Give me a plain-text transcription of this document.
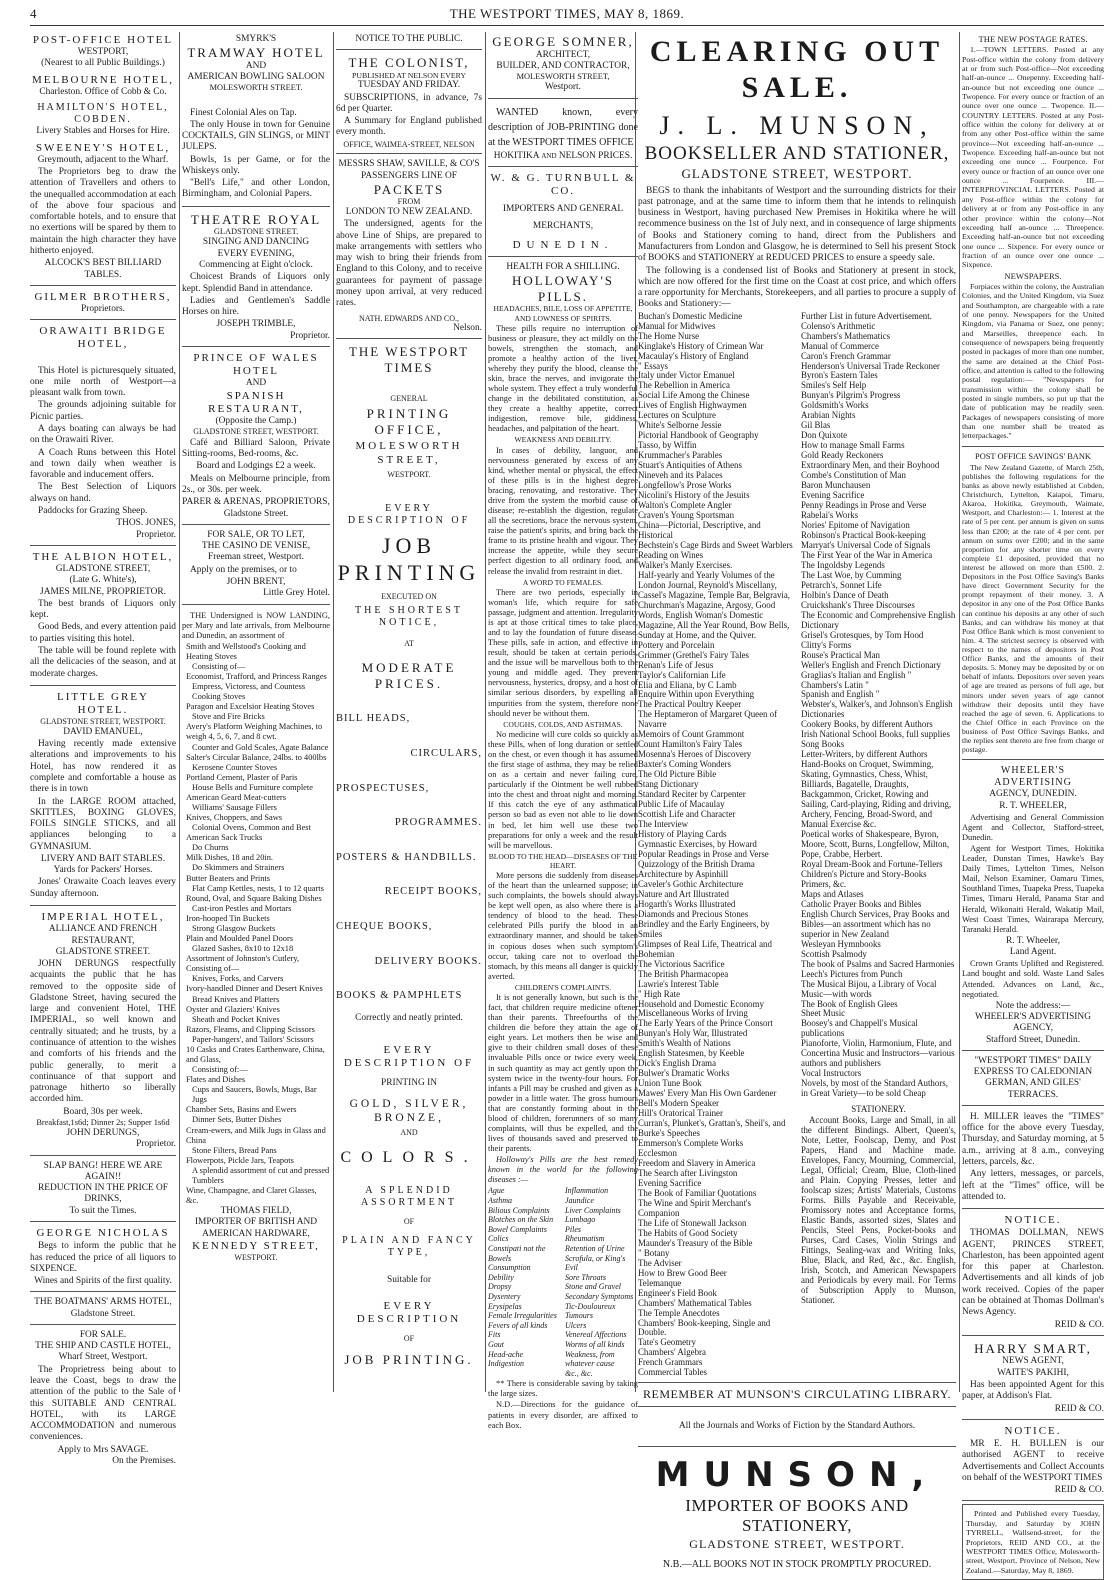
4	THE WESTPORT TIMES, MAY 8, 1869.
POST-OFFICE HOTEL
WESTPORT,
(Nearest to all Public Buildings.)
MELBOURNE HOTEL,
Charleston. Office of Cobb & Co.
HAMILTON'S HOTEL, COBDEN.
Livery Stables and Horses for Hire.
SWEENEY'S HOTEL,
Greymouth, adjacent to the Wharf.
The Proprietors beg to draw the attention of Travellers and others to the unequalled accommodation at each of the above four spacious and comfortable hotels, and to ensure that no exertions will be spared by them to maintain the high character they have hitherto enjoyed.
ALCOCK'S BEST BILLIARD TABLES.
GILMER BROTHERS,
Proprietors.
ORAWAITI BRIDGE HOTEL,
This Hotel is picturesquely situated, one mile north of Westport—a pleasant walk from town.
The grounds adjoining suitable for Picnic parties.
A days boating can always be had on the Orawaiti River.
A Coach Runs between this Hotel and town daily when weather is favorable and inducement offers.
The Best Selection of Liquors always on hand.
Paddocks for Grazing Sheep.
THOS. JONES,
Proprietor.
THE ALBION HOTEL,
GLADSTONE STREET,
(Late G. White's),
JAMES MILNE, PROPRIETOR.
The best brands of Liquors only kept.
Good Beds, and every attention paid to parties visiting this hotel.
The table will be found replete with all the delicacies of the season, and at moderate charges.
LITTLE GREY HOTEL.
GLADSTONE STREET, WESTPORT.
DAVID EMANUEL,
Having recently made extensive alterations and improvements to his Hotel, has now rendered it as complete and comfortable a house as there is in town
In the LARGE ROOM attached, SKITTLES, BOXING GLOVES, FOILS SINGLE STICKS, and all appliances belonging to a GYMNASIUM.
LIVERY AND BAIT STABLES.
Yards for Packers' Horses.
Jones' Orawaite Coach leaves every Sunday afternoon.
IMPERIAL HOTEL,
ALLIANCE AND FRENCH
RESTAURANT,
GLADSTONE STREET.
JOHN DERUNGS respectfully acquaints the public that he has removed to the opposite side of Gladstone Street, having secured the large and convenient Hotel, THE IMPERIAL, so well known and centrally situated; and he trusts, by a continuance of attention to the wishes and comforts of his friends and the public generally, to merit a continuance of that support and patronage hitherto so liberally accorded him.
Board, 30s per week.
Breakfast,1s6d; Dinner 2s; Supper 1s6d
JOHN DERUNGS,
Proprietor.
SLAP BANG! HERE WE ARE
AGAIN!!
REDUCTION IN THE PRICE OF
DRINKS,
To suit the Times.
GEORGE NICHOLAS
Begs to inform the public that he has reduced the price of all liquors to SIXPENCE.
Wines and Spirits of the first quality.
THE BOATMANS' ARMS HOTEL,
Gladstone Street.
FOR SALE.
THE SHIP AND CASTLE HOTEL,
Wharf Street, Westport.
The Proprietress being about to leave the Coast, begs to draw the attention of the public to the Sale of this SUITABLE AND CENTRAL HOTEL, with its LARGE ACCOMMODATION and numerous conveniences.
Apply to Mrs SAVAGE.
On the Premises.
SMYRK'S
TRAMWAY HOTEL
AND
AMERICAN BOWLING SALOON
MOLESWORTH STREET.
Finest Colonial Ales on Tap.
The only House in town for Genuine COCKTAILS, GIN SLINGS, or MINT JULEPS.
Bowls, 1s per Game, or for the Whiskeys only.
"Bell's Life," and other London, Birmingham, and Colonial Papers.
THEATRE ROYAL
GLADSTONE STREET.
SINGING AND DANCING
EVERY EVENING,
Commencing at Eight o'clock.
Choicest Brands of Liquors only kept. Splendid Band in attendance.
Ladies and Gentlemen's Saddle Horses on hire.
JOSEPH TRIMBLE,
Proprietor.
PRINCE OF WALES HOTEL
AND
SPANISH RESTAURANT,
(Opposite the Camp.)
GLADSTONE STREET, WESTPORT.
Café and Billiard Saloon, Private Sitting-rooms, Bed-rooms, &c.
Board and Lodgings £2 a week.
Meals on Melbourne principle, from 2s., or 30s. per week.
PARER & ARENAS, PROPRIETORS,
Gladstone Street.
FOR SALE, OR TO LET,
THE CASINO DE VENISE,
Freeman street, Westport.
Apply on the premises, or to
JOHN BRENT,
Little Grey Hotel.
THE Undersigned is NOW LANDING, per Mary and late arrivals, from Melbourne and Dunedin, an assortment of
Smith and Wellstood's Cooking and Heating Stoves
Consisting of—
Economist, Trafford, and Princess Ranges
Empress, Victoress, and Countess Cooking Stoves
Paragon and Excelsior Heating Stoves
Stove and Fire Bricks
Avery's Platform Weighing Machines, to weigh 4, 5, 6, 7, and 8 cwt.
Counter and Gold Scales, Agate Balance
Salter's Circular Balance, 24lbs. to 400lbs
Kerosene Counter Stoves
Portland Cement, Plaster of Paris
House Bells and Furniture complete
American Geard Meat-cutters
Williams' Sausage Fillers
Knives, Choppers, and Saws
Colonial Ovens, Common and Best
American Sack Trucks
Do Churns
Milk Dishes, 18 and 20in.
Do Skimmers and Strainers
Butter Beaters and Prints
Flat Camp Kettles, nests, 1 to 12 quarts
Round, Oval, and Square Baking Dishes
Cast-iron Pestles and Mortars
Iron-hooped Tin Buckets
Strong Glasgow Buckets
Plain and Moulded Panel Doors
Glazed Sashes, 8x10 to 12x18
Assortment of Johnston's Cutlery, Consisting of—
Knives, Forks, and Carvers
Ivory-handled Dinner and Desert Knives
Bread Knives and Platters
Oyster and Glaziers' Knives
Sheath and Pocket Knives
Razors, Fleams, and Clipping Scissors
Paper-hangers', and Tailors' Scissors
10 Casks and Crates Earthenware, China, and Glass,
Consisting of:—
Flates and Dishes
Cups and Saucers, Bowls, Mugs, Bar Jugs
Chamber Sets, Basins and Ewers
Dinner Sets, Butter Dishes
Cream-ewers, and Milk Jugs in Glass and China
Stone Filters, Bread Pans
Flowerpots, Pickle Jars, Teapots
A splendid assortment of cut and pressed Tumblers
Wine, Champagne, and Claret Glasses, &c.
THOMAS FIELD,
IMPORTER OF BRITISH AND
AMERICAN HARDWARE,
KENNEDY STREET,
WESTPORT.
NOTICE TO THE PUBLIC.
THE COLONIST,
PUBLISHED AT NELSON EVERY
TUESDAY AND FRIDAY.
SUBSCRIPTIONS, in advance, 7s 6d per Quarter.
A Summary for England published every month.
OFFICE, WAIMEA-STREET, NELSON
MESSRS SHAW, SAVILLE, & CO'S PASSENGERS LINE OF
PACKETS
FROM
LONDON TO NEW ZEALAND.
The undersigned, agents for the above Line of Ships, are prepared to make arrangements with settlers who may wish to bring their friends from England to this Colony, and to receive guarantees for payment of passage money upon arrival, at very reduced rates.
NATH. EDWARDS AND CO.,
Nelson.
THE WESTPORT TIMES
GENERAL
PRINTING OFFICE,
MOLESWORTH STREET,
WESTPORT.
EVERY DESCRIPTION OF
JOB PRINTING
EXECUTED ON
THE SHORTEST NOTICE,
AT
MODERATE PRICES.
BILL HEADS,
CIRCULARS,
PROSPECTUSES,
PROGRAMMES.
POSTERS & HANDBILLS.
RECEIPT BOOKS,
CHEQUE BOOKS,
DELIVERY BOOKS.
BOOKS & PAMPHLETS
Correctly and neatly printed.
EVERY DESCRIPTION OF
PRINTING IN
GOLD, SILVER, BRONZE,
AND
COLORS.
A SPLENDID ASSORTMENT
OF
PLAIN AND FANCY TYPE,
Suitable for
EVERY DESCRIPTION
OF
JOB PRINTING.
GEORGE SOMNER,
ARCHITECT,
BUILDER, AND CONTRACTOR,
MOLESWORTH STREET,
Westport.
WANTED known, every description of JOB-PRINTING done at the WESTPORT TIMES OFFICE
HOKITIKA and NELSON PRICES.
W. & G. TURNBULL & CO.
IMPORTERS AND GENERAL
MERCHANTS,
DUNEDIN.
HEALTH FOR A SHILLING.
HOLLOWAY'S PILLS.
HEADACHES, BILE, LOSS OF APPETITE, AND LOWNESS OF SPIRITS.
These pills require no interruption of business or pleasure, they act mildly on the bowels, strengthen the stomach, and promote a healthy action of the liver, whereby they purify the blood, cleanse the skin, brace the nerves, and invigorate the whole system. They effect a truly wonderful change in the debilitated constitution, as they create a healthy appetite, correct indigestion, remove bile, giddiness, headaches, and palpitation of the heart.
WEAKNESS AND DEBILITY.
In cases of debility, languor, and nervousness generated by excess of any kind, whether mental or physical, the effect of these pills is in the highest degree bracing, renovating, and restorative. They drive from the system the morbid cause of disease; re-establish the digestion, regulate all the secretions, brace the nervous system, raise the patient's spirits, and bring back the frame to its pristine health and vigour. They increase the appetite, while they secure perfect digestion to all ordinary food, and release the invalid from restraint in diet.
A WORD TO FEMALES.
There are two periods, especially in woman's life, which require for safe passage, judgment and attention. Irregularity is apt at those critical times to take place, and to lay the foundation of future disease. These pills, safe in action, and effective in result, should be taken at certain periods, and the issue will be marvellous both to the young and middle aged. They prevent nervousness, hysterics, dropsy, and a host of similar serious disorders, by expelling all impurities from the system, therefore none should never be without them.
COUGHS, COLDS, AND ASTHMAS.
No medicine will cure colds so quickly as these Pills, when of long duration or settled on the chest, or even though it has assumed the first stage of asthma, they may be relied on as a certain and never failing cure, particularly if the Ointment be well rubbed into the chest and throat night and morning. If this catch the eye of any asthmatical person so bad as even not able to lie down in bed, let him well use these two preparations for only a week and the result will be marvellous.
BLOOD TO THE HEAD—DISEASES OF THE HEART.
More persons die suddenly from diseases of the heart than the unlearned suppose; in such complaints, the bowels should always be kept well open, as also where there is a tendency of blood to the head. These celebrated Pills purify the blood in an extraordinary manner, and should be taken in copious doses when such symptom's occur, taking care not to overload the stomach, by this means all danger is quickly averted.
CHILDREN'S COMPLAINTS.
It is not generally known, but such is the fact, that children require medicine oftener than their parents. Threefourths of the children die before they attain the age of eight years. Let mothers then be wise and give to their children small doses of these invaluable Pills once or twice every week, in such quantity as may act gently upon the system twice in the twenty-four hours. For infants a Pill may be crushed and given as a powder in a little water. The gross humours that are constantly forming about in the blood of children, forerunners of so many complaints, will thus be expelled, and the lives of thousands saved and preserved to their parents.
Holloway's Pills are the best remedy known in the world for the following diseases :—
Ague
Asthma
Bilious Complaints
Blotches on the Skin
Bowel Complaints
Colics
Constipati not the Bowels
Consumption
Debility
Dropsy
Dysentery
Erysipelas
Female Irregularities
Fevers of all kinds
Fits
Gout
Head-ache
Indigestion
Inflammation
Jaundice
Liver Complaints
Lumbago
Piles
Rheumatism
Retention of Urine
Scrofula, or King's Evil
Sore Throats
Stone and Gravel
Secondary Symptoms
Tic-Douloureux
Tumours
Ulcers
Venereal Affections
Worms of all kinds
Weakness, from whatever cause
&c., &c.
** There is considerable saving by taking the large sizes.
N.D.—Directions for the guidance of patients in every disorder, are affixed to each Box.
CLEARING OUT SALE.
J. L. MUNSON,
BOOKSELLER AND STATIONER,
GLADSTONE STREET, WESTPORT.
BEGS to thank the inhabitants of Westport and the surrounding districts for their past patronage, and at the same time to inform them that he intends to relinquish business in Westport, having purchased New Premises in Hokitika where he will recommence business on the 1st of July next, and in consequence of large shipments of Books and Stationery coming to hand, direct from the Publishers and Manufacturers from London and Glasgow, he is determined to Sell his present Stock of BOOKS and STATIONERY at REDUCED PRICES to ensure a speedy sale.
The following is a condensed list of Books and Stationery at present in stock, which are now offered for the first time on the Coast at cost price, and which offers a rare opportunity for Merchants, Storekeepers, and all parties to procure a supply of Books and Stationery:—
Buchan's Domestic Medicine
Manual for Midwives
The Home Nurse
Kinglake's History of Crimean War
Macaulay's History of England
" Essays
Italy under Victor Emanuel
The Rebellion in America
Social Life Among the Chinese
Lives of English Highwaymen
Lectures on Sculpture
White's Selborne Jessie
Pictorial Handbook of Geography
Tasso, by Wiffin
Krummacher's Parables
Stuart's Antiquities of Athens
Nineveh and its Palaces
Longfellow's Prose Works
Nicolini's History of the Jesuits
Walton's Complete Angler
Craven's Young Sportsman
China—Pictorial, Descriptive, and Historical
Bechstein's Cage Birds and Sweet Warblers
Reading on Wines
Walker's Manly Exercises.
Half-yearly and Yearly Volumes of the London Journal, Reynold's Miscellany, Cassel's Magazine, Temple Bar, Belgravia, Churchman's Magazine, Argosy, Good Words, English Woman's Domestic Magazine, All the Year Round, Bow Bells, Sunday at Home, and the Quiver.
Pottery and Porcelain
Grimmer (Grethel's Fairy Tales
Renan's Life of Jesus
Taylor's Californian Life
Elia and Eliana, by C Lamb
Enquire Within upon Everything
The Practical Poultry Keeper
The Heptameron of Margaret Queen of Navarre
Memoirs of Count Grammont
Count Hamilton's Fairy Tales
Mosenna's Heroes of Discovery
Baxter's Coming Wonders
The Old Picture Bible
Stang Dictionary
Standard Reciter by Carpenter
Public Life of Macaulay
Scottish Life and Character
The Interview
History of Playing Cards
Gymnastic Exercises, by Howard
Popular Readings in Prose and Verse
Quizzology of the British Drama
Architecture by Aspinhill
Caveler's Gothic Architecture
Nature and Art Illustrated
Hogarth's Works Illustrated
Diamonds and Precious Stones
Brindley and the Early Engineers, by Smiles
Glimpses of Real Life, Theatrical and Bohemian
The Victorious Sacrifice
The British Pharmacopea
Lawrie's Interest Table
" High Rate
Household and Domestic Economy
Miscellaneous Works of Irving
The Early Years of the Prince Consort
Bunyan's Holy War, Illustrated
Smith's Wealth of Nations
English Statesmen, by Keeble
Dick's English Drama
Bulwer's Dramatic Works
Union Tune Book
Mawes' Every Man His Own Gardener
Bell's Modern Speaker
Hill's Oratorical Trainer
Curran's, Plunket's, Grattan's, Sheil's, and Burke's Speeches
Emmerson's Complete Works
Ecclesmon
Freedom and Slavery in America
The Search after Livingston
Evening Sacrifice
The Book of Familiar Quotations
The Wine and Spirit Merchant's Companion
The Life of Stonewall Jackson
The Habits of Good Society
Maunder's Treasury of the Bible
" Botany
The Adviser
How to Brew Good Beer
Telemanque
Engineer's Field Book
Chambers' Mathematical Tables
The Temple Anecdotes
Chambers' Book-keeping, Single and Double.
Tate's Geometry
Chambers' Algebra
French Grammars
Commercial Tables
Further List in future Advertisement.
Colenso's Arithmetic
Chambers's Mathematics
Manual of Commerce
Caron's French Grammar
Henderson's Universal Trade Reckoner
Byron's Eastern Tales
Smiles's Self Help
Bunyan's Pilgrim's Progress
Goldsmith's Works
Arabian Nights
Gil Blas
Don Quixote
How to manage Small Farms
Gold Ready Reckoners
Extraordinary Men, and their Boyhood
Combe's Constitution of Man
Baron Munchausen
Evening Sacrifice
Penny Readings in Prose and Verse
Rabelai's Works
Nories' Epitome of Navigation
Robinson's Practical Book-keeping
Marryat's Universal Code of Signals
The First Year of the War in America
The Ingoldsby Legends
The Last Woe, by Cumming
Petrarch's, Sonnet Life
Holbin's Dance of Death
Cruickshank's Three Discourses
The Economic and Comprehensive English Dictionary
Grisel's Grotesques, by Tom Hood
Clitty's Forms
Rouse's Practical Man
Weller's English and French Dictionary
Graglias's Italian and English "
Chambers's Latin "
Spanish and English "
Webster's, Walker's, and Johnson's English Dictionaries
Cookery Books, by different Authors
Irish National School Books, full supplies
Song Books
Letter-Writers, by different Authors
Hand-Books on Croquet, Swimming, Skating, Gymnastics, Chess, Whist, Billiards, Bagatelle, Draughts, Backgammon, Cricket, Rowing and Sailing, Card-playing, Riding and driving, Archery, Fencing, Broad-Sword, and Manual Exercise &c.
Poetical works of Shakespeare, Byron, Moore, Scott, Burns, Longfellow, Milton, Pope, Crabbe, Herbert.
Royal Dream-Book and Fortune-Tellers
Children's Picture and Story-Books
Primers, &c.
Maps and Atlases
Catholic Prayer Books and Bibles
English Church Services, Pray Books and Bibles—an assortment which has no superior in New Zealand
Wesleyan Hymnbooks
Scottish Psalmody
The book of Psalms and Sacred Harmonies
Leech's Pictures from Punch
The Musical Bijou, a Library of Vocal Music—with words
The Book of English Glees
Sheet Music
Boosey's and Chappell's Musical publications
Pianoforte, Violin, Harmonium, Flute, and Concertina Music and Instructors—various authors and publishers
Vocal Instructors
Novels, by most of the Standard Authors, in Great Variety—to be sold Cheap
STATIONERY.
Account Books, Large and Small, in all the different Bindings. Albert, Queen's, Note, Letter, Foolscap, Demy, and Post Papers, Hand and Machine made. Envelopes, Fancy, Mourning, Commercial, Legal, Official; Cream, Blue, Cloth-lined and Plain. Copying Presses, letter and foolscap sizes; Artists' Materials, Customs Forms. Bills Payable and Receivable, Promissory notes and Acceptance forms, Elastic Bands, assorted sizes, Slates and Pencils, Steel Pens, Pocket-books and Purses, Card Cases, Violin Strings and Fittings, Sealing-wax and Writing Inks, Blue, Black, and Red, &c., &c. English, Irish, Scotch, and American Newspapers and Periodicals by every mail. For Terms of Subscription Apply to Munson, Stationer.
REMEMBER AT MUNSON'S CIRCULATING LIBRARY.
All the Journals and Works of Fiction by the Standard Authors.
MUNSON,
IMPORTER OF BOOKS AND STATIONERY,
GLADSTONE STREET, WESTPORT.
N.B.—ALL BOOKS NOT IN STOCK PROMPTLY PROCURED.
THE NEW POSTAGE RATES.
1.—TOWN LETTERS. Posted at any Post-office within the colony from delivery at or from such Post-office—Not exceeding half-an-ounce ... Onepenny. Exceeding half-an-ounce but not exceeding one ounce ... Twopence. For every ounce or fraction of an ounce over one ounce ... Twopence. II.—COUNTRY LETTERS. Posted at any Post-office within the colony for delivery at or from any other Post-office within the same province—Not exceeding half-an-ounce ... Twopence. Exceeding half-an-ounce but not exceeding one ounce ... Fourpence. For every ounce or fraction of an ounce over one ounce ... Fourpence. III.—INTERPROVINCIAL LETTERS. Posted at any Post-office within the colony for delivery at or from any Post-office in any other province within the colony—Not exceeding half an-ounce ... Threepence. Exceeding half-an-ounce but not exceeding one ounce ... Sixpence. For every ounce or fraction of an ounce over one ounce ... Sixpence.
NEWSPAPERS.
Forpiaces within the colony, the Australian Colonies, and the United Kingdom, via Suez and Southampton, are chargeable with a rate of one penny. Newspapers for the United Kingdom, via Panama or Suez, one penny; and Marseilles, threepence each. In consequence of newspapers being frequently posted in packages of more than one number, the same are detained at the Chief Post-office, and attention is called to the following postal regulation:— "Newspapers for transmission within the colony shall be posted in single numbers, so put up that the date of publication may be readily seen. Packages of newspapers consisting of more than one number shall be treated as letterpackages."
POST OFFICE SAVINGS' BANK
The New Zealand Gazette, of March 25th, publishes the following regulations for the banks as above newly established at Cobden, Christchurch, Lyttelton, Kaiapoi, Timaru, Akaroa, Hokitika, Greymouth, Waimate, Westport, and Charleston:— 1. Interest at the rate of 5 per cent. per annum is given on sums less than £200; at the rate of 4 per cent. per annum on sums over £200; and in the same proportion for any shorter time on every complete £1 deposited, provided that no interest be allowed on more than £500. 2. Depositors in the Post Office Saving's Banks have direct Government Security for the prompt repayment of their money. 3. A depositor in any one of the Post Office Banks can continue his deposits at any other of such Banks, and can withdraw his money at that Post Office Bank which is most convenient to him. 4. The strictest secrecy is observed with respect to the names of depositors in Post Office Banks, and the amounts of their deposits. 5. Money may be deposited by or on behalf of infants. Depositors over seven years of age are treated as persons of full age, but minors under seven years of age cannot withdraw their deposits until they have reached the age of seven. 6. Applications to the Chief Office in each Province on the business of Post Office Savings Banks, and the replies sent thereto are free from charge or postage.
WHEELER'S ADVERTISING
AGENCY, DUNEDIN.
R. T. WHEELER,
Advertising and General Commission Agent and Collector, Stafford-street, Dunedin.
Agent for Westport Times, Hokitika Leader, Dunstan Times, Hawke's Bay Daily Times, Lyttelton Times, Nelson Mail, Nelson Examiner, Oamaru Times, Southland Times, Tuapeka Press, Tuapeka Times, Timaru Herald, Panama Star and Herald, Wikonaiti Herald, Wakatip Mail, West Coast Times, Wairarapa Mercury, Taranaki Herald.
R. T. Wheeler,
Land Agent.
Crown Grants Uplifted and Registered. Land bought and sold. Waste Land Sales Attended. Advances on Land, &c., negotiated.
Note the address:—
WHEELER'S ADVERTISING
AGENCY,
Stafford Street, Dunedin.
"WESTPORT TIMES" DAILY EXPRESS TO CALEDONIAN GERMAN, AND GILES' TERRACES.
H. MILLER leaves the "TIMES" office for the above every Tuesday, Thursday, and Saturday morning, at 5 a.m., arriving at 8 a.m., conveying letters, parcels, &c.
Any letters, messages, or parcels, left at the "Times" office, will be attended to.
NOTICE.
THOMAS DOLLMAN, NEWS AGENT, PRINCES STREET, Charleston, has been appointed agent for this paper at Charleston. Advertisements and all kinds of job work received. Copies of the paper can be obtained at Thomas Dollman's News Agency.
REID & CO.
HARRY SMART,
NEWS AGENT,
WAITE'S PAKIHI,
Has been appointed Agent for this paper, at Addison's Flat.
REID & CO.
NOTICE.
MR E. H. BULLEN is our authorised AGENT to receive Advertisements and Collect Accounts on behalf of the WESTPORT TIMES
REID & CO.
Printed and Published every Tuesday, Thursday, and Saturday by JOHN TYRRELL, Wallsend-street, for the Proprietors, REID AND CO., at the WESTPORT TIMES Office, Molesworth-street, Westport, Province of Nelson, New Zealand.—Saturday, May 8, 1869.
